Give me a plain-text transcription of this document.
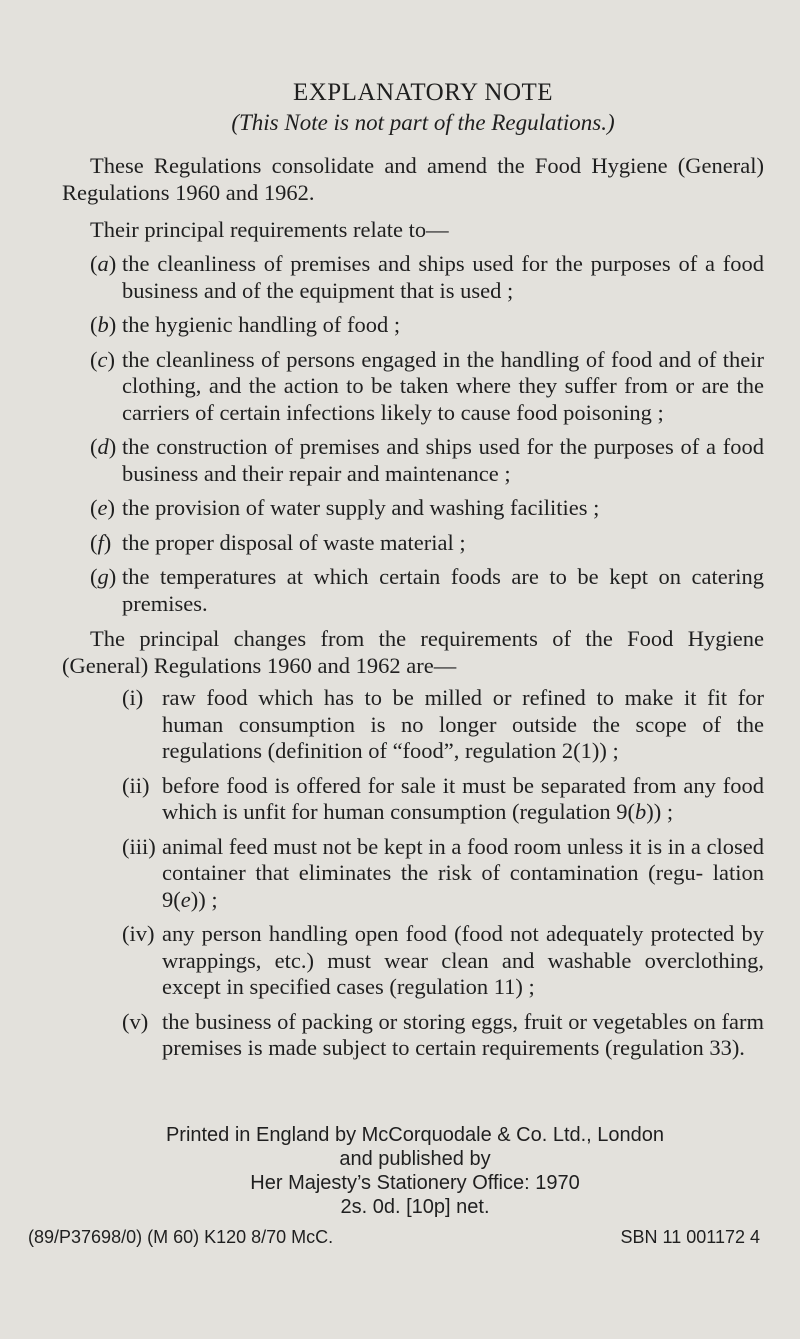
EXPLANATORY NOTE
(This Note is not part of the Regulations.)

These Regulations consolidate and amend the Food Hygiene (General) Regulations 1960 and 1962.

Their principal requirements relate to—

(a) the cleanliness of premises and ships used for the purposes of a food business and of the equipment that is used ;
(b) the hygienic handling of food ;
(c) the cleanliness of persons engaged in the handling of food and of their clothing, and the action to be taken where they suffer from or are the carriers of certain infections likely to cause food poisoning ;
(d) the construction of premises and ships used for the purposes of a food business and their repair and maintenance ;
(e) the provision of water supply and washing facilities ;
(f) the proper disposal of waste material ;
(g) the temperatures at which certain foods are to be kept on catering premises.

The principal changes from the requirements of the Food Hygiene (General) Regulations 1960 and 1962 are—

(i) raw food which has to be milled or refined to make it fit for human consumption is no longer outside the scope of the regulations (definition of “food”, regulation 2(1)) ;
(ii) before food is offered for sale it must be separated from any food which is unfit for human consumption (regulation 9(b)) ;
(iii) animal feed must not be kept in a food room unless it is in a closed container that eliminates the risk of contamination (regu- lation 9(e)) ;
(iv) any person handling open food (food not adequately protected by wrappings, etc.) must wear clean and washable overclothing, except in specified cases (regulation 11) ;
(v) the business of packing or storing eggs, fruit or vegetables on farm premises is made subject to certain requirements (regulation 33).
Printed in England by McCorquodale & Co. Ltd., London
and published by
Her Majesty’s Stationery Office: 1970
2s. 0d. [10p] net.
(89/P37698/0) (M 60) K120 8/70 McC.	SBN 11 001172 4
